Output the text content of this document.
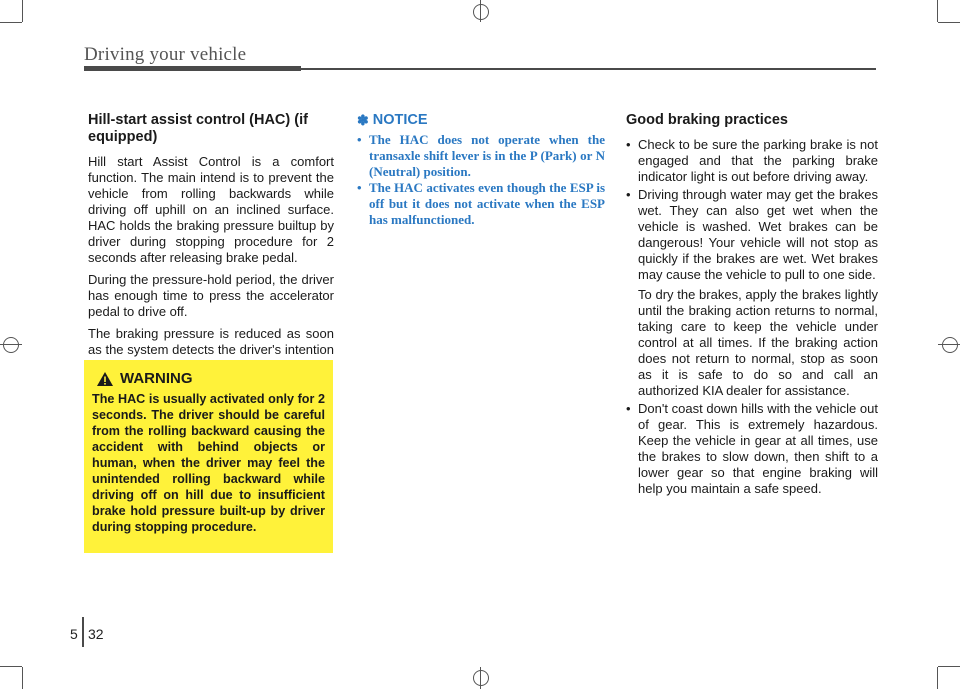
Driving your vehicle

Hill-start assist control (HAC) (if equipped)

Hill start Assist Control is a comfort function. The main intend is to prevent the vehicle from rolling backwards while driving off uphill on an inclined surface. HAC holds the braking pressure builtup by driver during stopping procedure for 2 seconds after releasing brake pedal.

During the pressure-hold period, the driver has enough time to press the accelerator pedal to drive off.

The braking pressure is reduced as soon as the system detects the driver's intention

WARNING

The HAC is usually activated only for 2 seconds. The driver should be careful from the rolling backward causing the accident with behind objects or human, when the driver may feel the unintended rolling backward while driving off on hill due to insufficient brake hold pressure built-up by driver during stopping procedure.

✽ NOTICE
• The HAC does not operate when the transaxle shift lever is in the P (Park) or N (Neutral) position.
• The HAC activates even though the ESP is off but it does not activate when the ESP has malfunctioned.

Good braking practices

• Check to be sure the parking brake is not engaged and that the parking brake indicator light is out before driving away.
• Driving through water may get the brakes wet. They can also get wet when the vehicle is washed. Wet brakes can be dangerous! Your vehicle will not stop as quickly if the brakes are wet. Wet brakes may cause the vehicle to pull to one side.

To dry the brakes, apply the brakes lightly until the braking action returns to normal, taking care to keep the vehicle under control at all times. If the braking action does not return to normal, stop as soon as it is safe to do so and call an authorized KIA dealer for assistance.

• Don't coast down hills with the vehicle out of gear. This is extremely hazardous. Keep the vehicle in gear at all times, use the brakes to slow down, then shift to a lower gear so that engine braking will help you maintain a safe speed.
5 32
